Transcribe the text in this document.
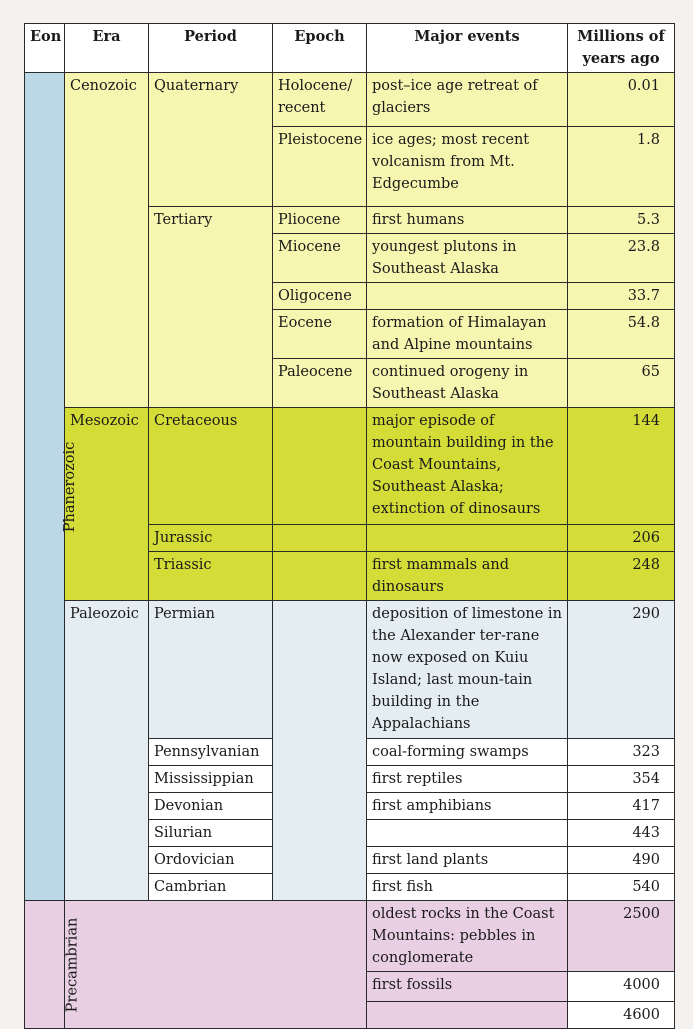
Eon	Era	Period	Epoch	Major events	Millions of years ago
Phanerozoic	Cenozoic	Quaternary	Holocene/ recent	post–ice age retreat of glaciers	0.01
			Pleistocene	ice ages; most recent volcanism from Mt. Edgecumbe	1.8
		Tertiary	Pliocene	first humans	5.3
			Miocene	youngest plutons in Southeast Alaska	23.8
			Oligocene		33.7
			Eocene	formation of Himalayan and Alpine mountains	54.8
			Paleocene	continued orogeny in Southeast Alaska	65
	Mesozoic	Cretaceous		major episode of mountain building in the Coast Mountains, Southeast Alaska; extinction of dinosaurs	144
		Jurassic			206
		Triassic		first mammals and dinosaurs	248
	Paleozoic	Permian		deposition of limestone in the Alexander ter-rane now exposed on Kuiu Island; last moun-tain building in the Appalachians	290
		Pennsylvanian		coal-forming swamps	323
		Mississippian		first reptiles	354
		Devonian		first amphibians	417
		Silurian			443
		Ordovician		first land plants	490
		Cambrian		first fish	540
Precambrian				oldest rocks in the Coast Mountains: pebbles in conglomerate	2500
				first fossils	4000
					4600
